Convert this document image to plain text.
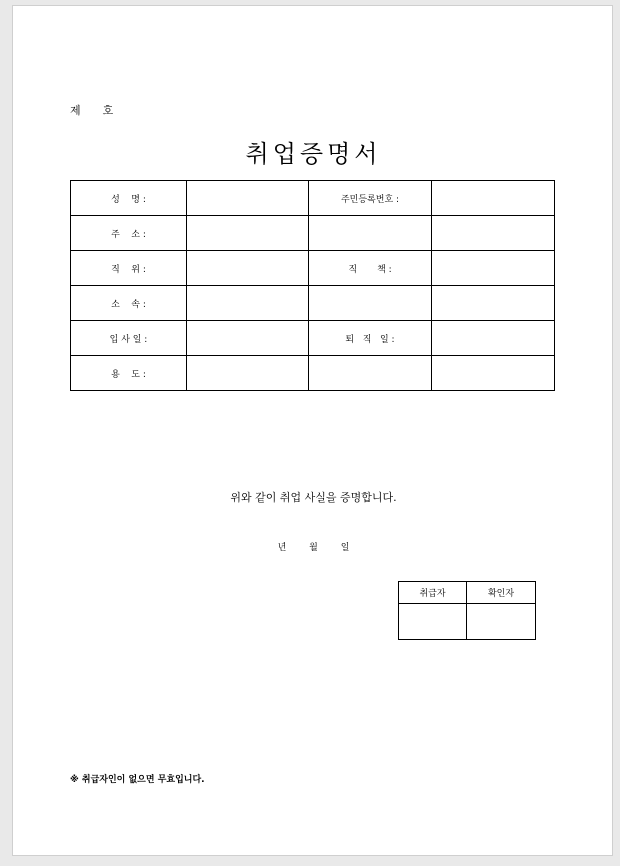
제 호
취업증명서
성    명 :		주민등록번호 :	
주    소 :			
직    위 :		직       책 :	
소    속 :			
입 사 일 :		퇴   직   일 :	
용    도 :			
위와 같이 취업 사실을 증명합니다.
년        월        일
취급자	확인자

※ 취급자인이 없으면 무효입니다.
